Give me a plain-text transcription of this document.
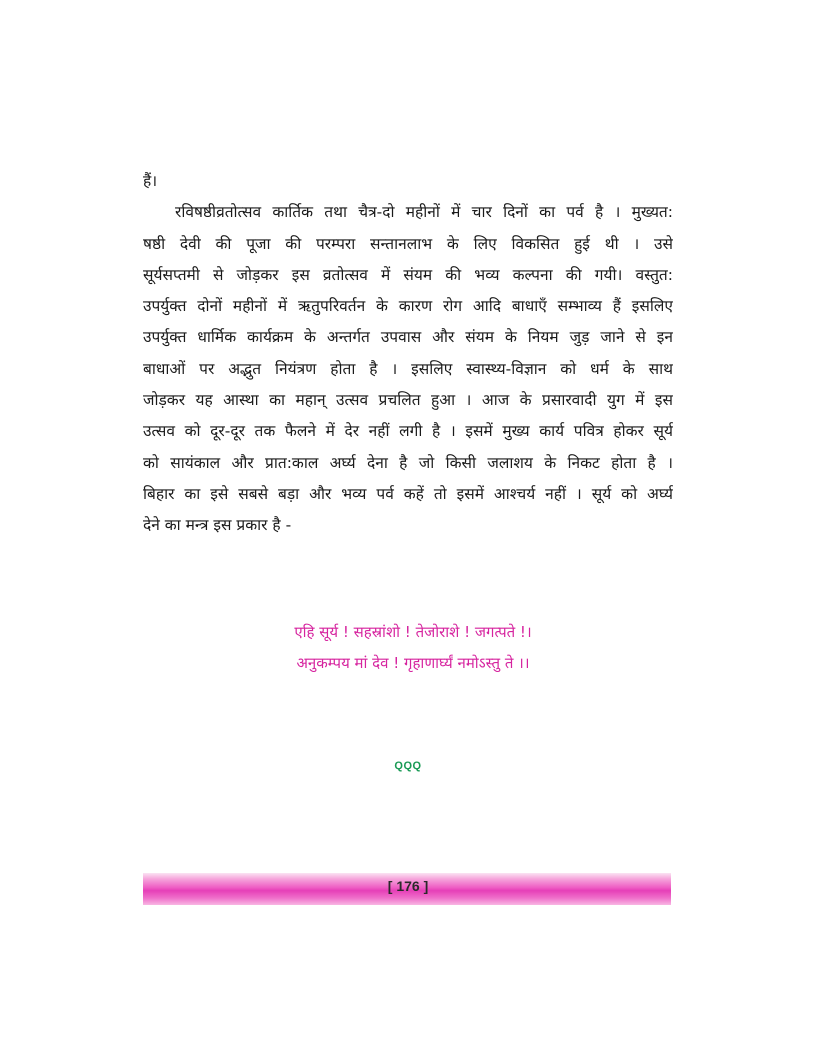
हैं।
रविषष्ठीव्रतोत्सव कार्तिक तथा चैत्र-दो महीनों में चार दिनों का पर्व है । मुख्यत:
षष्ठी देवी की पूजा की परम्परा सन्तानलाभ के लिए विकसित हुई थी । उसे
सूर्यसप्तमी से जोड़कर इस व्रतोत्सव में संयम की भव्य कल्पना की गयी। वस्तुत:
उपर्युक्त दोनों महीनों में ऋतुपरिवर्तन के कारण रोग आदि बाधाएँ सम्भाव्य हैं इसलिए
उपर्युक्त धार्मिक कार्यक्रम के अन्तर्गत उपवास और संयम के नियम जुड़ जाने से इन
बाधाओं पर अद्भुत नियंत्रण होता है । इसलिए स्वास्थ्य-विज्ञान को धर्म के साथ
जोड़कर यह आस्था का महान् उत्सव प्रचलित हुआ । आज के प्रसारवादी युग में इस
उत्सव को दूर-दूर तक फैलने में देर नहीं लगी है । इसमें मुख्य कार्य पवित्र होकर सूर्य
को सायंकाल और प्रात:काल अर्घ्य देना है जो किसी जलाशय के निकट होता है ।
बिहार का इसे सबसे बड़ा और भव्य पर्व कहें तो इसमें आश्चर्य नहीं । सूर्य को अर्घ्य
देने का मन्त्र इस प्रकार है -
एहि सूर्य ! सहस्रांशो ! तेजोराशे ! जगत्पते !।
अनुकम्पय मां देव ! गृहाणार्घ्यं नमोऽस्तु ते ।।
QQQ
[ 176 ]
